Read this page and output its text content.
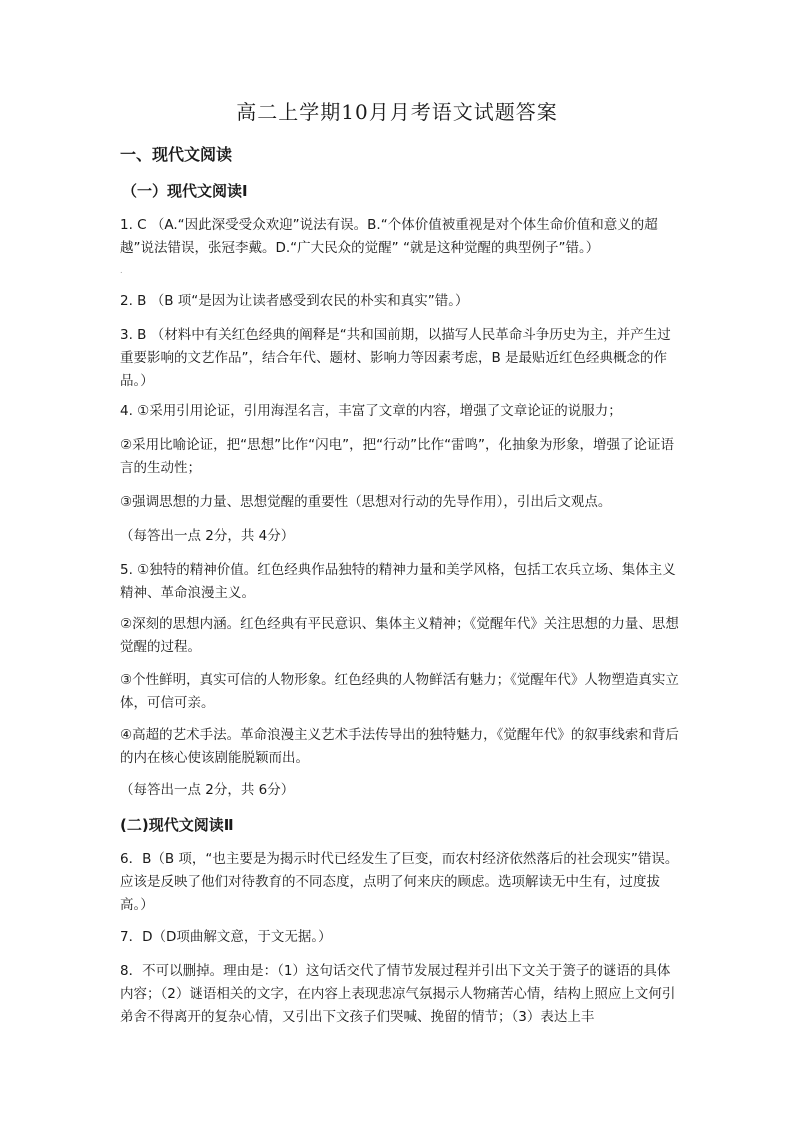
高二上学期10月月考语文试题答案
一、现代文阅读
（一）现代文阅读Ⅰ
1. C （A.“因此深受受众欢迎”说法有误。B.“个体价值被重视是对个体生命价值和意义的超越”说法错误，张冠李戴。D.“广大民众的觉醒” “就是这种觉醒的典型例子”错。）
.
2. B （B 项“是因为让读者感受到农民的朴实和真实”错。）
3. B （材料中有关红色经典的阐释是“共和国前期，以描写人民革命斗争历史为主，并产生过重要影响的文艺作品”，结合年代、题材、影响力等因素考虑，B 是最贴近红色经典概念的作品。）
4. ①采用引用论证，引用海涅名言，丰富了文章的内容，增强了文章论证的说服力；
②采用比喻论证，把“思想”比作“闪电”，把“行动”比作“雷鸣”，化抽象为形象，增强了论证语言的生动性；
③强调思想的力量、思想觉醒的重要性（思想对行动的先导作用），引出后文观点。
（每答出一点 2分，共 4分）
5. ①独特的精神价值。红色经典作品独特的精神力量和美学风格，包括工农兵立场、集体主义精神、革命浪漫主义。
②深刻的思想内涵。红色经典有平民意识、集体主义精神；《觉醒年代》关注思想的力量、思想觉醒的过程。
③个性鲜明，真实可信的人物形象。红色经典的人物鲜活有魅力；《觉醒年代》人物塑造真实立体，可信可亲。
④高超的艺术手法。革命浪漫主义艺术手法传导出的独特魅力，《觉醒年代》的叙事线索和背后的内在核心使该剧能脱颖而出。
（每答出一点 2分，共 6分）
(二)现代文阅读Ⅱ
6．B（B 项，“也主要是为揭示时代已经发生了巨变，而农村经济依然落后的社会现实”错误。应该是反映了他们对待教育的不同态度，点明了何来庆的顾虑。选项解读无中生有，过度拔高。）
7．D（D项曲解文意，于文无据。）
8．不可以删掉。理由是：（1）这句话交代了情节发展过程并引出下文关于箦子的谜语的具体内容；（2）谜语相关的文字，在内容上表现悲凉气氛揭示人物痛苦心情，结构上照应上文何引弟舍不得离开的复杂心情，又引出下文孩子们哭喊、挽留的情节；（3）表达上丰
